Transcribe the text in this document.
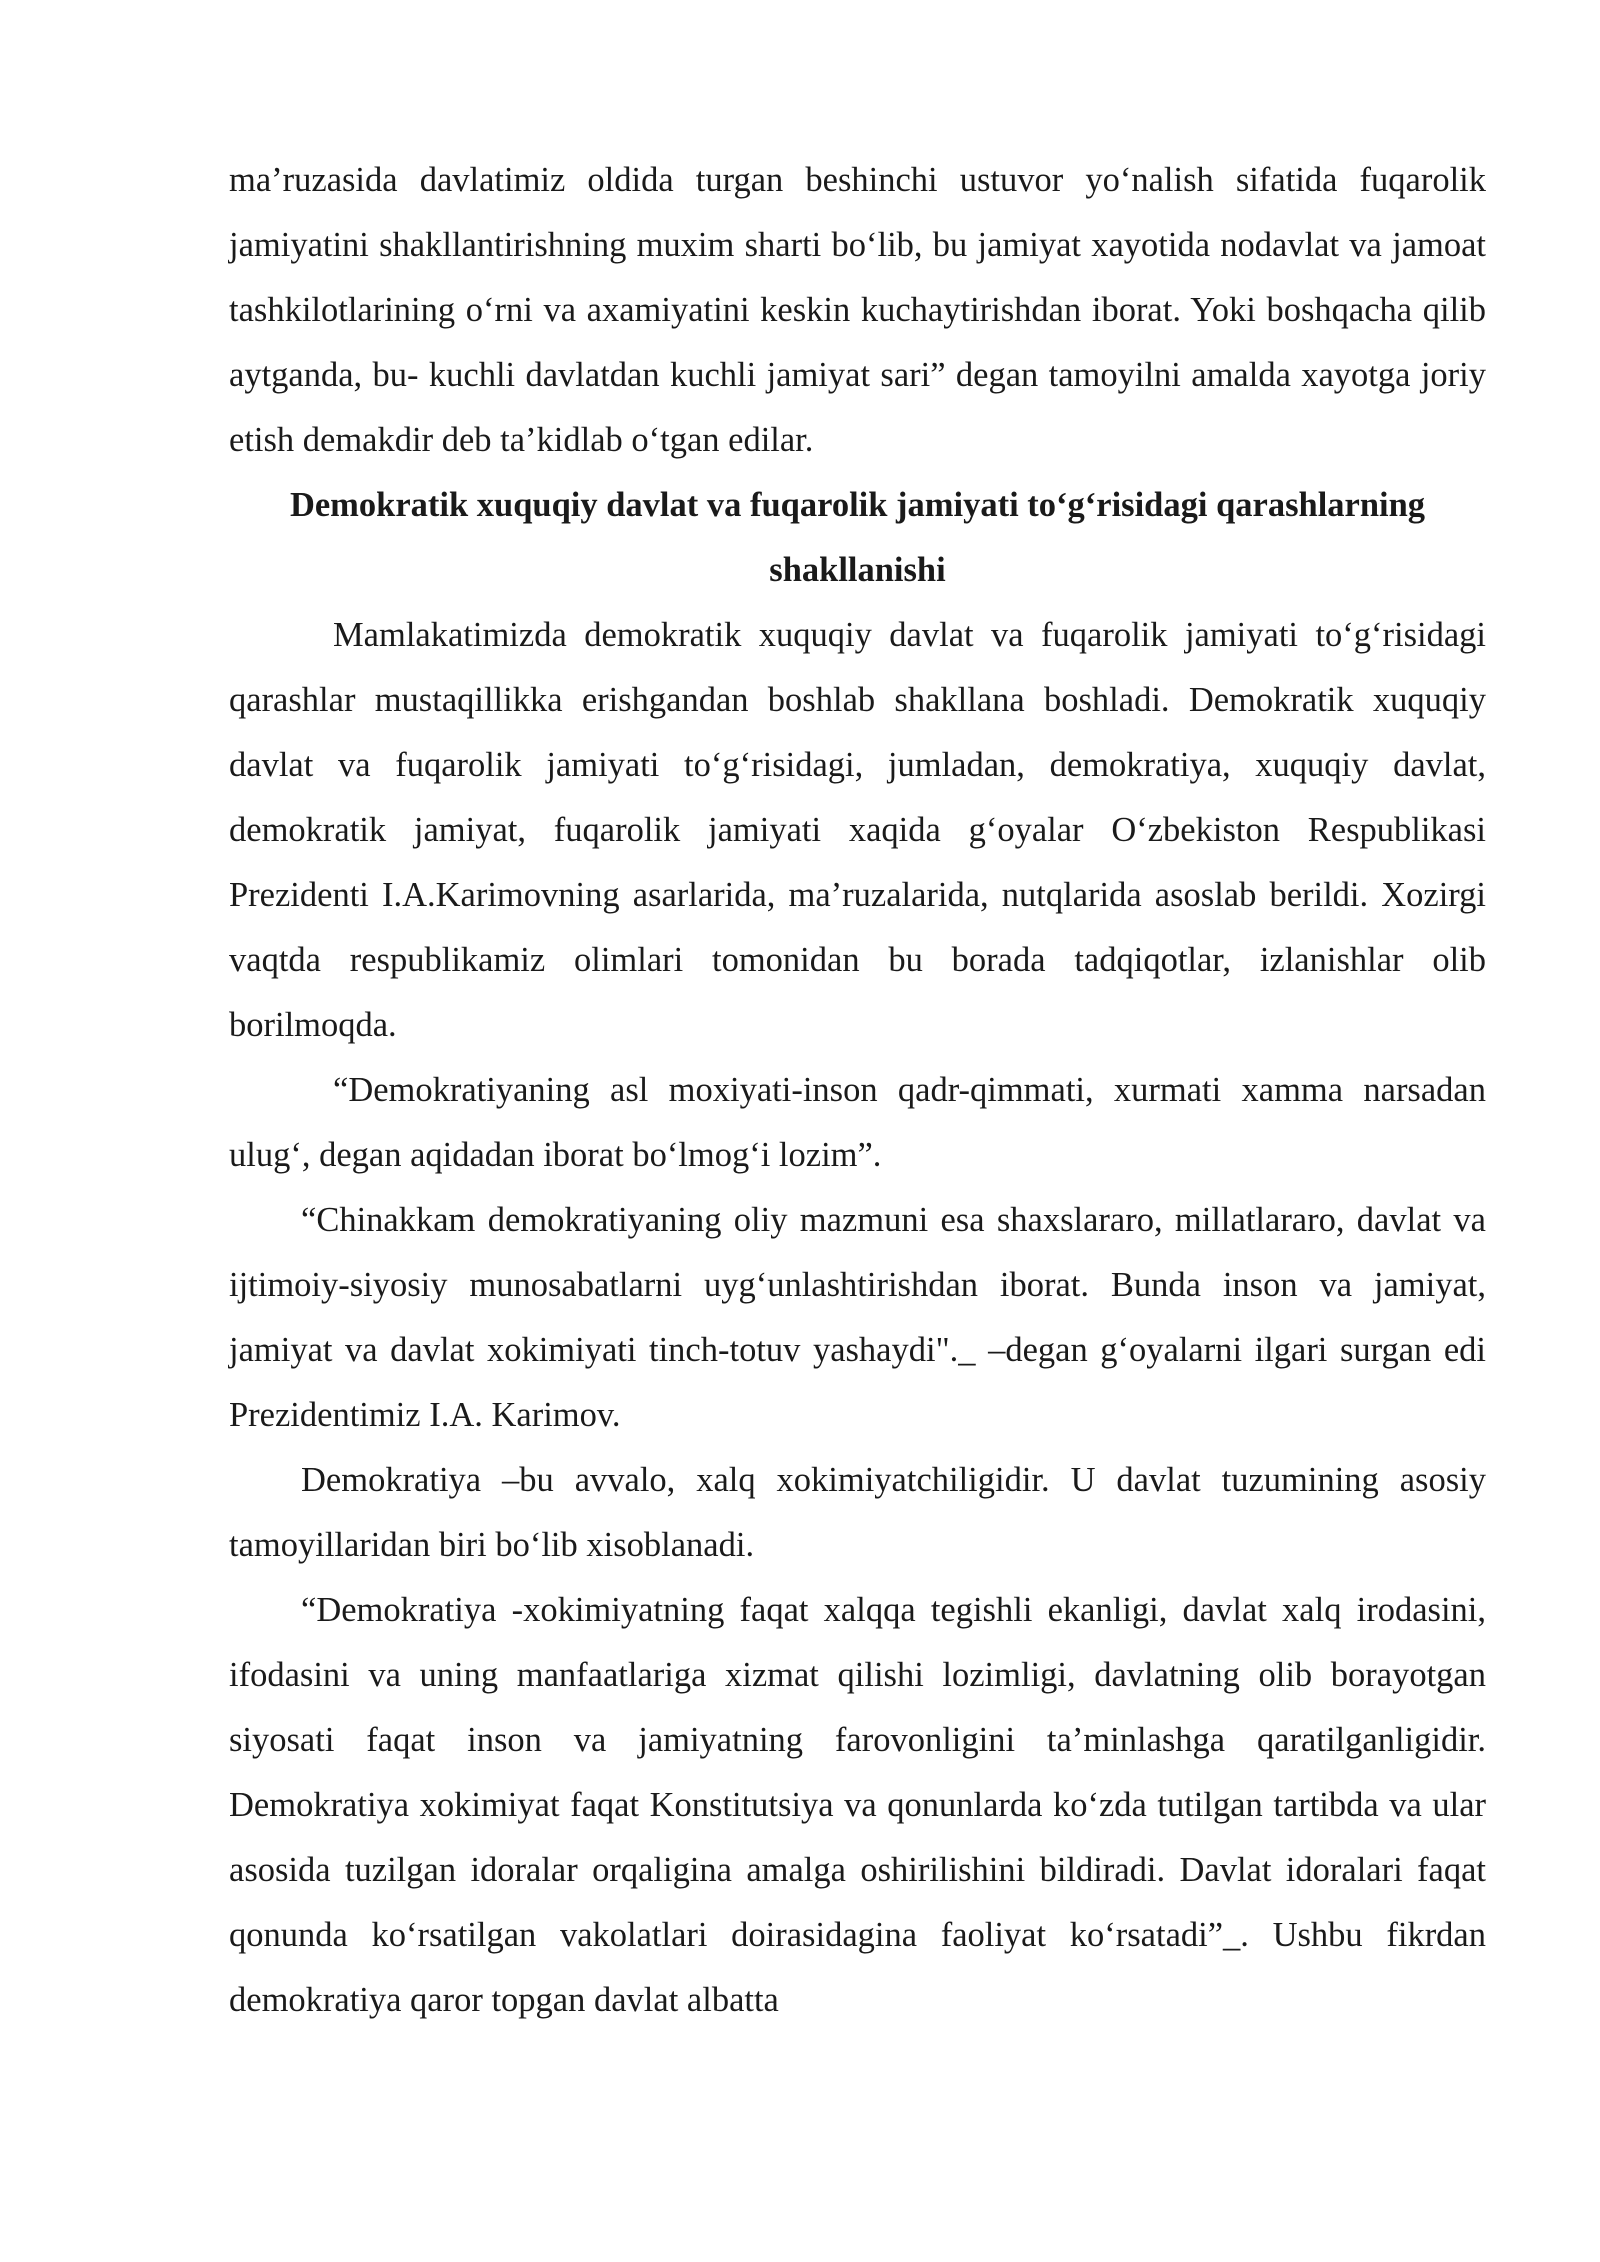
ma’ruzasida davlatimiz oldida turgan beshinchi ustuvor yo‘nalish sifatida fuqarolik jamiyatini shakllantirishning muxim sharti bo‘lib, bu jamiyat xayotida nodavlat va jamoat tashkilotlarining o‘rni va axamiyatini keskin kuchaytirishdan iborat. Yoki boshqacha qilib aytganda, bu- kuchli davlatdan kuchli jamiyat sari” degan tamoyilni amalda xayotga joriy etish demakdir deb ta’kidlab o‘tgan edilar.

Demokratik xuquqiy davlat va fuqarolik jamiyati to‘g‘risidagi qarashlarning shakllanishi

Mamlakatimizda demokratik xuquqiy davlat va fuqarolik jamiyati to‘g‘risidagi qarashlar mustaqillikka erishgandan boshlab shakllana boshladi. Demokratik xuquqiy davlat va fuqarolik jamiyati to‘g‘risidagi, jumladan, demokratiya, xuquqiy davlat, demokratik jamiyat, fuqarolik jamiyati xaqida g‘oyalar O‘zbekiston Respublikasi Prezidenti I.A.Karimovning asarlarida, ma’ruzalarida, nutqlarida asoslab berildi. Xozirgi vaqtda respublikamiz olimlari tomonidan bu borada tadqiqotlar, izlanishlar olib borilmoqda.

“Demokratiyaning asl moxiyati-inson qadr-qimmati, xurmati xamma narsadan ulug‘, degan aqidadan iborat bo‘lmog‘i lozim”.

“Chinakkam demokratiyaning oliy mazmuni esa shaxslararo, millatlararo, davlat va ijtimoiy-siyosiy munosabatlarni uyg‘unlashtirishdan iborat. Bunda inson va jamiyat, jamiyat va davlat xokimiyati tinch-totuv yashaydi"._ –degan g‘oyalarni ilgari surgan edi Prezidentimiz I.A. Karimov.

Demokratiya –bu avvalo, xalq xokimiyatchiligidir. U davlat tuzumining asosiy tamoyillaridan biri bo‘lib xisoblanadi.

“Demokratiya -xokimiyatning faqat xalqqa tegishli ekanligi, davlat xalq irodasini, ifodasini va uning manfaatlariga xizmat qilishi lozimligi, davlatning olib borayotgan siyosati faqat inson va jamiyatning farovonligini ta’minlashga qaratilganligidir. Demokratiya xokimiyat faqat Konstitutsiya va qonunlarda ko‘zda tutilgan tartibda va ular asosida tuzilgan idoralar orqaligina amalga oshirilishini bildiradi. Davlat idoralari faqat qonunda ko‘rsatilgan vakolatlari doirasidagina faoliyat ko‘rsatadi”_. Ushbu fikrdan demokratiya qaror topgan davlat albatta
